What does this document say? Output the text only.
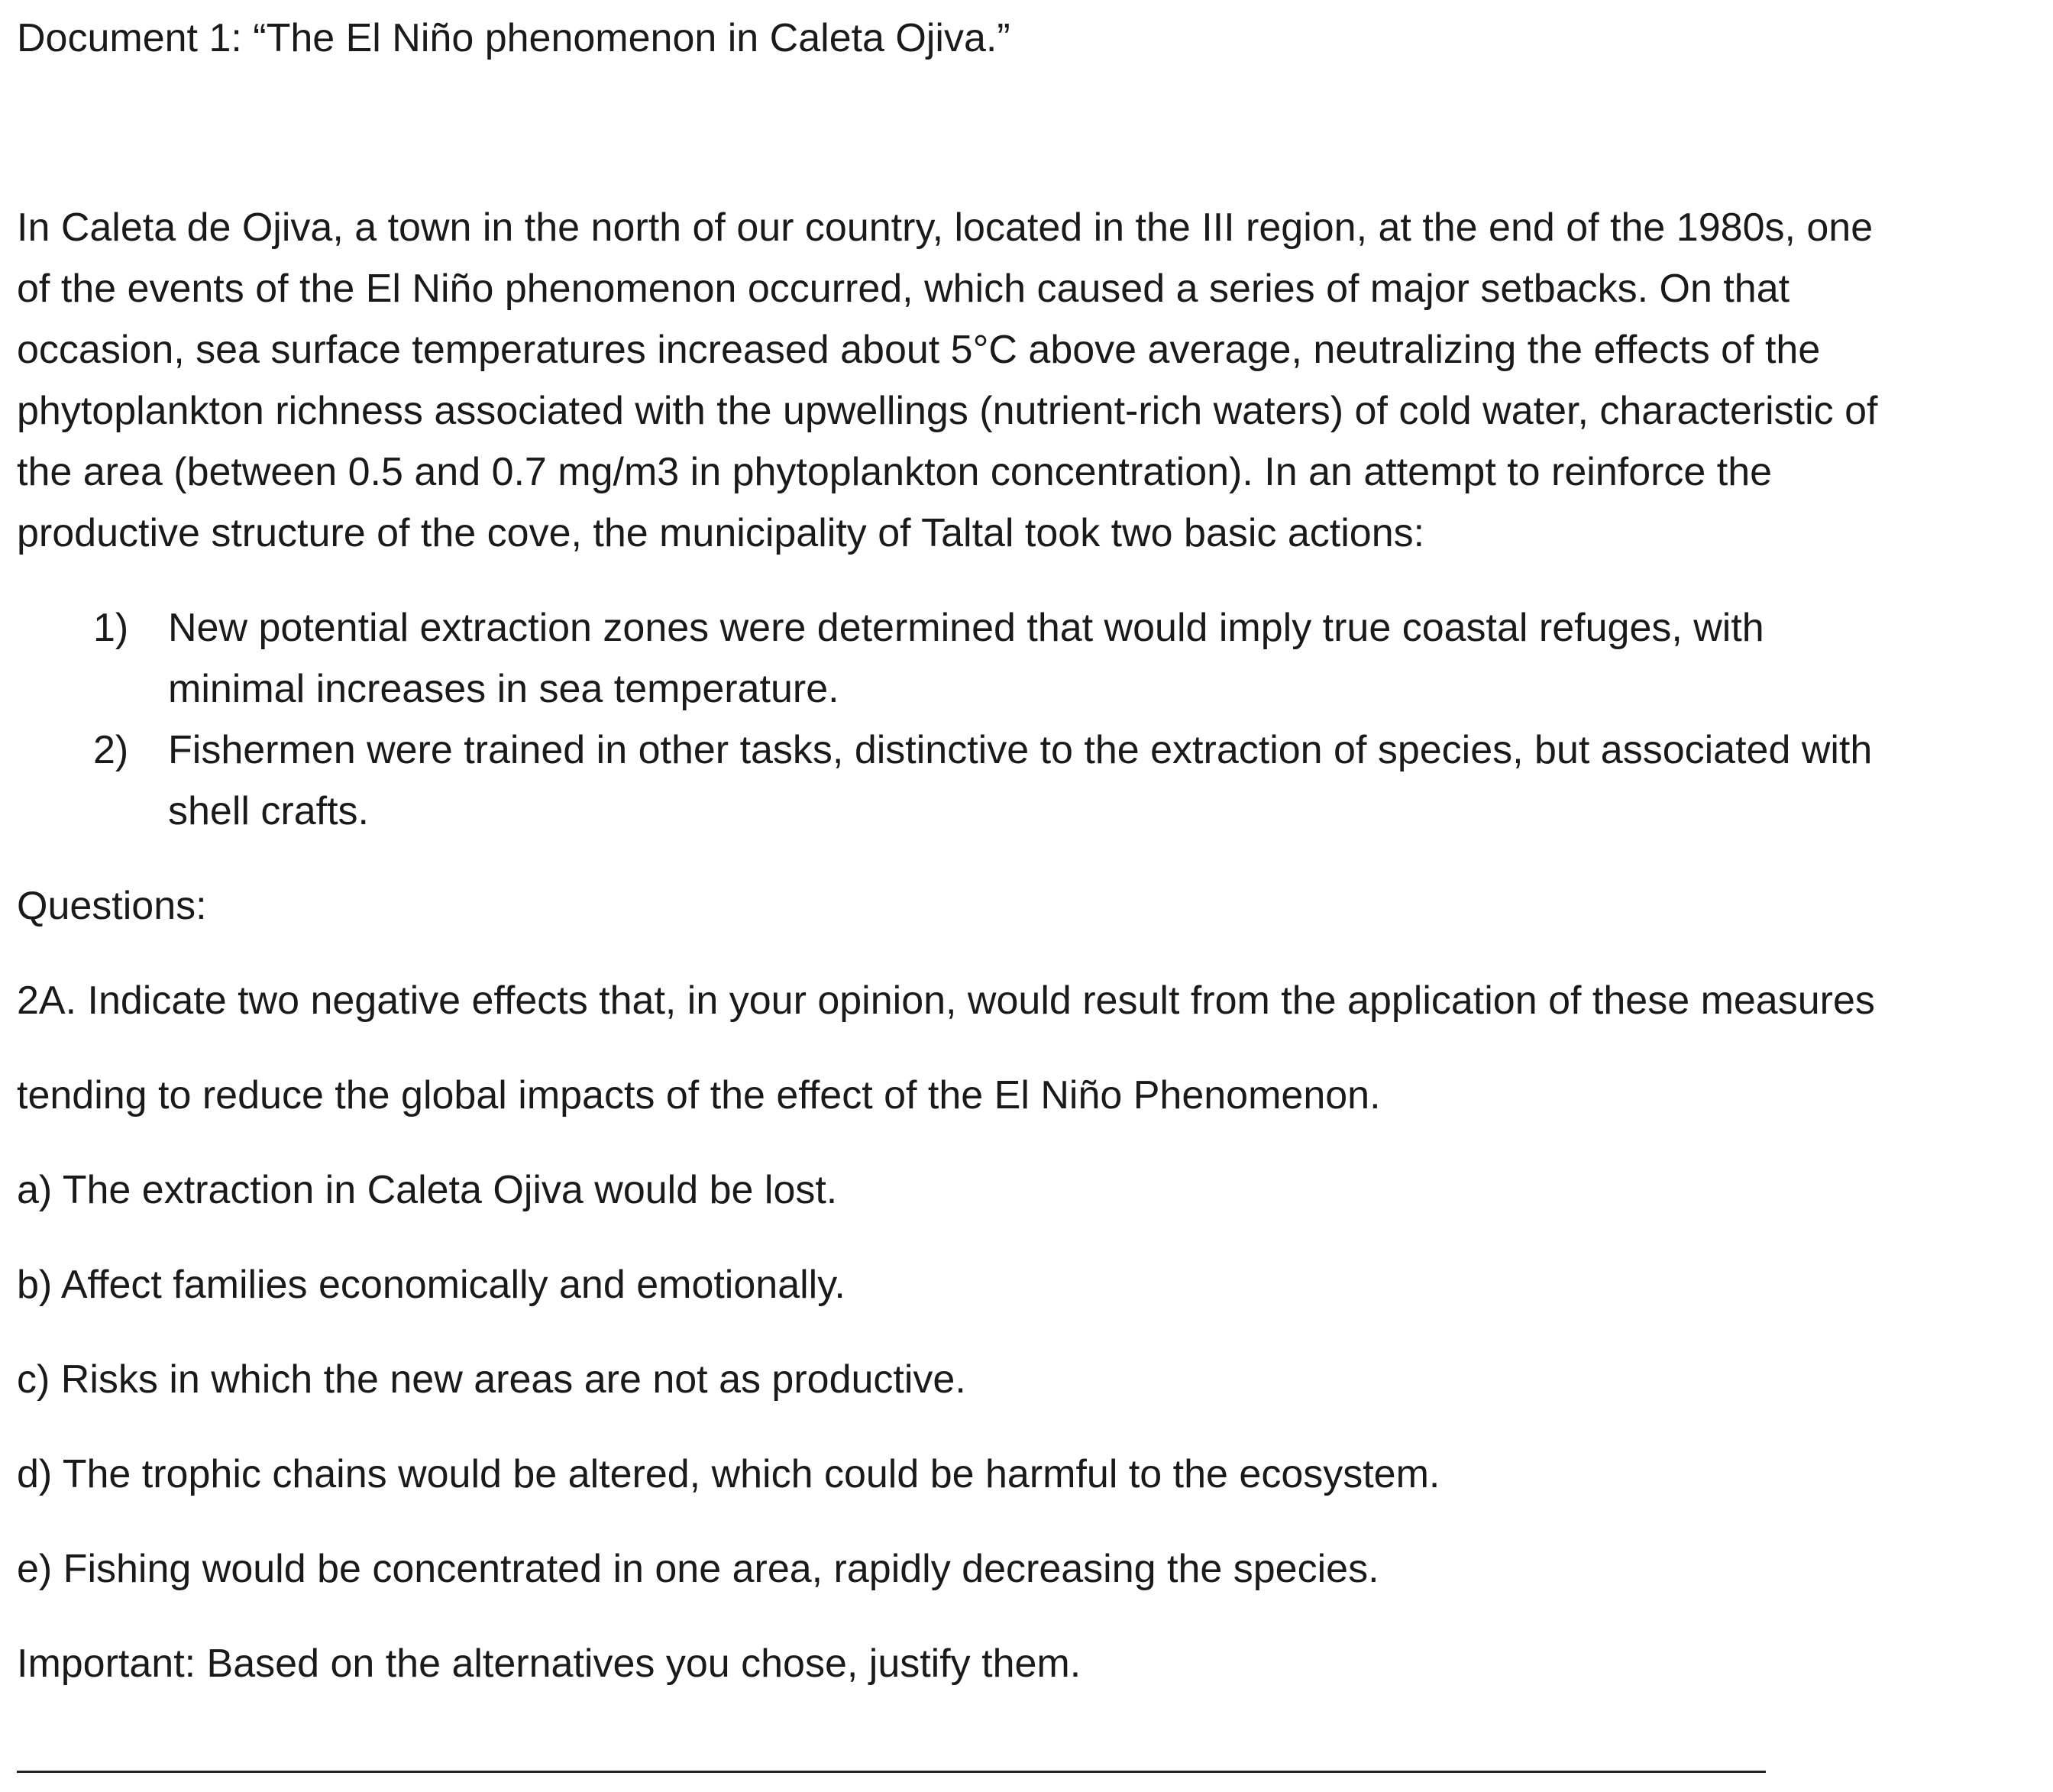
Document 1: “The El Niño phenomenon in Caleta Ojiva.”
In Caleta de Ojiva, a town in the north of our country, located in the III region, at the end of the 1980s, one
of the events of the El Niño phenomenon occurred, which caused a series of major setbacks. On that
occasion, sea surface temperatures increased about 5°C above average, neutralizing the effects of the
phytoplankton richness associated with the upwellings (nutrient-rich waters) of cold water, characteristic of
the area (between 0.5 and 0.7 mg/m3 in phytoplankton concentration). In an attempt to reinforce the
productive structure of the cove, the municipality of Taltal took two basic actions:
1) New potential extraction zones were determined that would imply true coastal refuges, with
minimal increases in sea temperature.
2) Fishermen were trained in other tasks, distinctive to the extraction of species, but associated with
shell crafts.
Questions:
2A. Indicate two negative effects that, in your opinion, would result from the application of these measures
tending to reduce the global impacts of the effect of the El Niño Phenomenon.
a) The extraction in Caleta Ojiva would be lost.
b) Affect families economically and emotionally.
c) Risks in which the new areas are not as productive.
d) The trophic chains would be altered, which could be harmful to the ecosystem.
e) Fishing would be concentrated in one area, rapidly decreasing the species.
Important: Based on the alternatives you chose, justify them.
